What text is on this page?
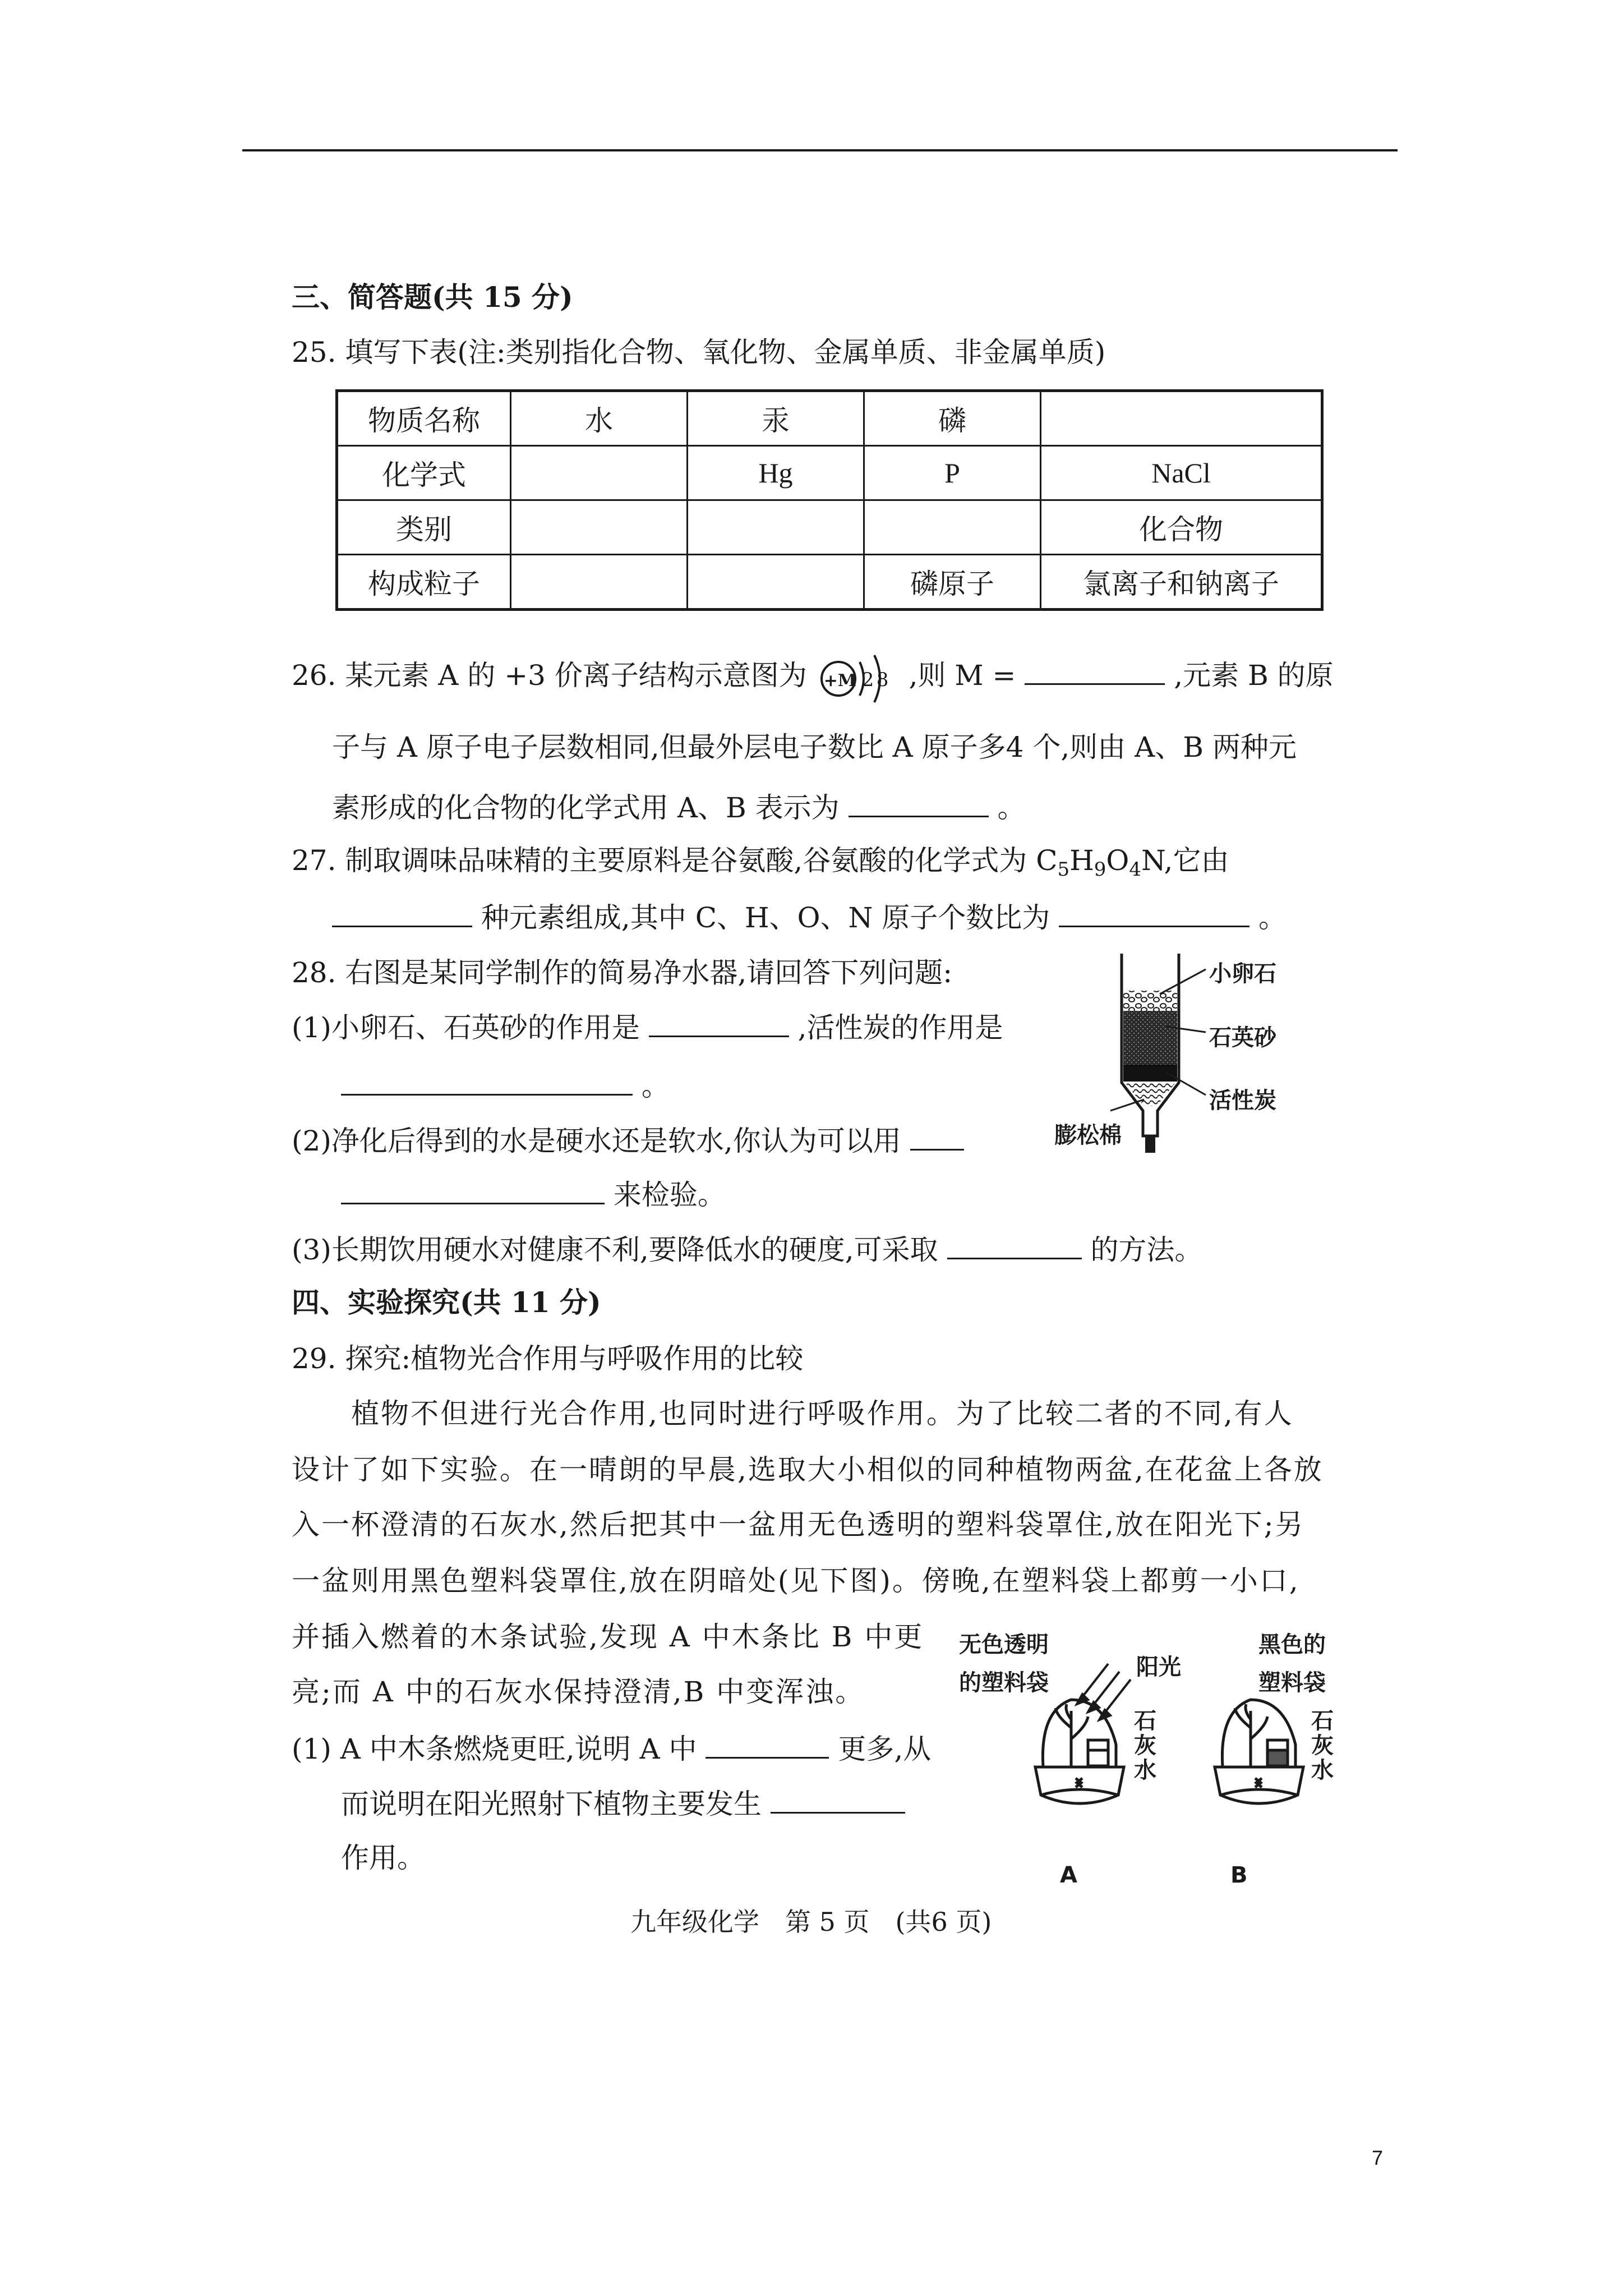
三、简答题(共 15 分)
25. 填写下表(注:类别指化合物、氧化物、金属单质、非金属单质)
物质名称	水	汞	磷	
化学式		Hg	P	NaCl
类别				化合物
构成粒子			磷原子	氯离子和钠离子
26. 某元素 A 的 +3 价离子结构示意图为 +M 2 8 ,则 M =	,元素 B 的原
子与 A 原子电子层数相同,但最外层电子数比 A 原子多4 个,则由 A、B 两种元
素形成的化合物的化学式用 A、B 表示为	。
27. 制取调味品味精的主要原料是谷氨酸,谷氨酸的化学式为 $C_5H_9O_4N$,它由
种元素组成,其中 C、H、O、N 原子个数比为	。
28. 右图是某同学制作的简易净水器,请回答下列问题:
(1)小卵石、石英砂的作用是	,活性炭的作用是
。
(2)净化后得到的水是硬水还是软水,你认为可以用
来检验。
(3)长期饮用硬水对健康不利,要降低水的硬度,可采取	的方法。
小卵石
石英砂
活性炭
膨松棉
四、实验探究(共 11 分)
29. 探究:植物光合作用与呼吸作用的比较
植物不但进行光合作用,也同时进行呼吸作用。为了比较二者的不同,有人
设计了如下实验。在一晴朗的早晨,选取大小相似的同种植物两盆,在花盆上各放
入一杯澄清的石灰水,然后把其中一盆用无色透明的塑料袋罩住,放在阳光下;另
一盆则用黑色塑料袋罩住,放在阴暗处(见下图)。傍晚,在塑料袋上都剪一小口,
并插入燃着的木条试验,发现 A 中木条比 B 中更
亮;而 A 中的石灰水保持澄清,B 中变浑浊。
(1) A 中木条燃烧更旺,说明 A 中	更多,从
而说明在阳光照射下植物主要发生
作用。
无色透明
的塑料袋
阳光
黑色的
塑料袋
石灰水
石灰水
A	B
九年级化学　第 5 页　(共6 页)
7
